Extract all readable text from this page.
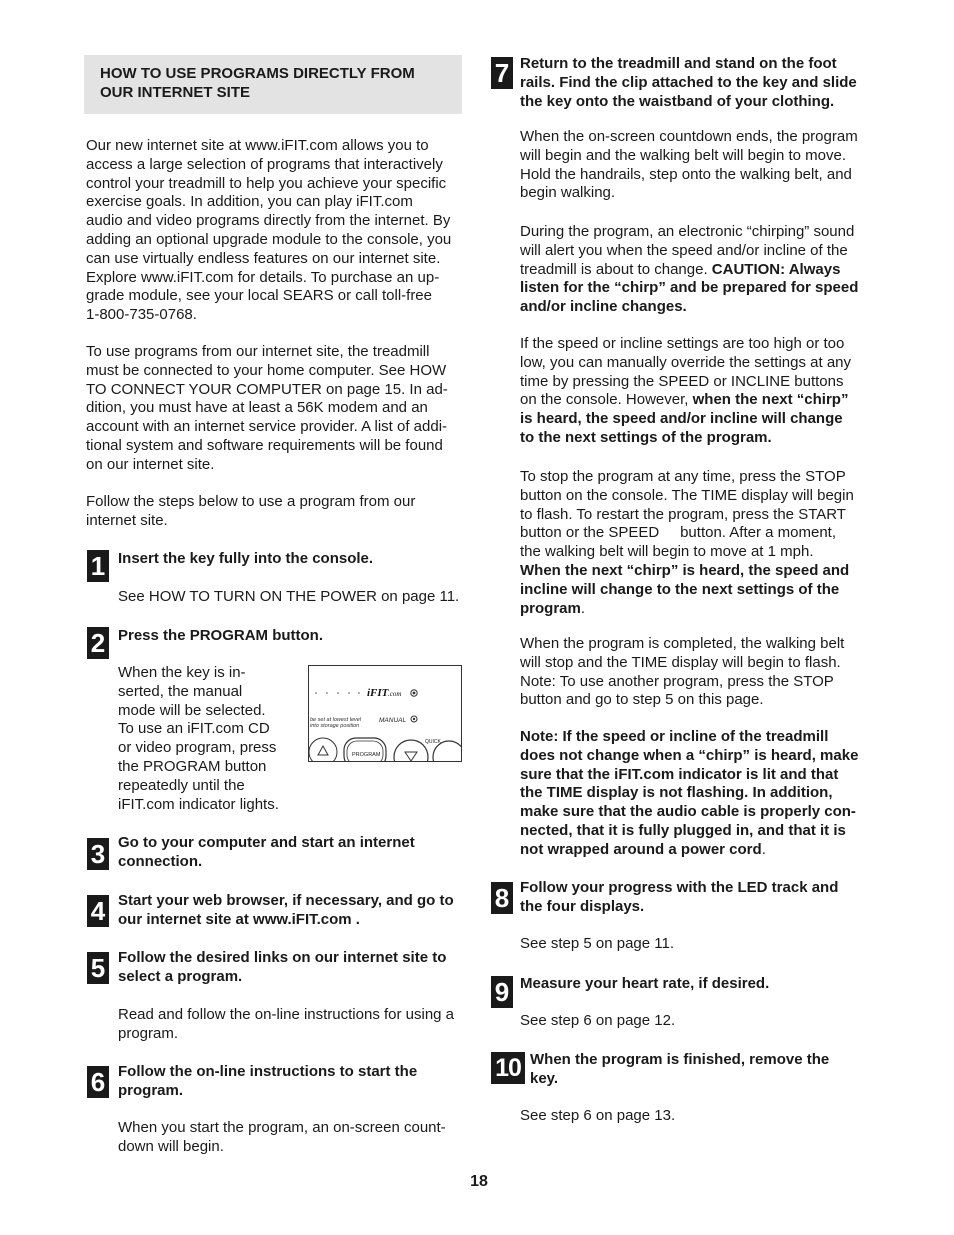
HOW TO USE PROGRAMS DIRECTLY FROM
OUR INTERNET SITE
Our new internet site at www.iFIT.com allows you to
access a large selection of programs that interactively
control your treadmill to help you achieve your specific
exercise goals. In addition, you can play iFIT.com
audio and video programs directly from the internet. By
adding an optional upgrade module to the console, you
can use virtually endless features on our internet site.
Explore www.iFIT.com for details. To purchase an up-
grade module, see your local SEARS or call toll-free
1-800-735-0768.
To use programs from our internet site, the treadmill
must be connected to your home computer. See HOW
TO CONNECT YOUR COMPUTER on page 15. In ad-
dition, you must have at least a 56K modem and an
account with an internet service provider. A list of addi-
tional system and software requirements will be found
on our internet site.
Follow the steps below to use a program from our
internet site.
1 Insert the key fully into the console.
See HOW TO TURN ON THE POWER on page 11.
2 Press the PROGRAM button.
When the key is in-
serted, the manual
mode will be selected.
To use an iFIT.com CD
or video program, press
the PROGRAM button
repeatedly until the
iFIT.com indicator lights.
iFIT .com
be set at lowest level
into storage position
MANUAL
PROGRAM
QUICK
3 Go to your computer and start an internet
connection.
4 Start your web browser, if necessary, and go to
our internet site at www.iFIT.com .
5 Follow the desired links on our internet site to
select a program.
Read and follow the on-line instructions for using a
program.
6 Follow the on-line instructions to start the
program.
When you start the program, an on-screen count-
down will begin.
7 Return to the treadmill and stand on the foot
rails. Find the clip attached to the key and slide
the key onto the waistband of your clothing.
When the on-screen countdown ends, the program
will begin and the walking belt will begin to move.
Hold the handrails, step onto the walking belt, and
begin walking.
During the program, an electronic “chirping” sound
will alert you when the speed and/or incline of the
treadmill is about to change. CAUTION: Always
listen for the “chirp” and be prepared for speed
and/or incline changes.
If the speed or incline settings are too high or too
low, you can manually override the settings at any
time by pressing the SPEED or INCLINE buttons
on the console. However, when the next “chirp”
is heard, the speed and/or incline will change
to the next settings of the program.
To stop the program at any time, press the STOP
button on the console. The TIME display will begin
to flash. To restart the program, press the START
button or the SPEED     button. After a moment,
the walking belt will begin to move at 1 mph.
When the next “chirp” is heard, the speed and
incline will change to the next settings of the
program.
When the program is completed, the walking belt
will stop and the TIME display will begin to flash.
Note: To use another program, press the STOP
button and go to step 5 on this page.
Note: If the speed or incline of the treadmill
does not change when a “chirp” is heard, make
sure that the iFIT.com indicator is lit and that
the TIME display is not flashing. In addition,
make sure that the audio cable is properly con-
nected, that it is fully plugged in, and that it is
not wrapped around a power cord.
8 Follow your progress with the LED track and
the four displays.
See step 5 on page 11.
9 Measure your heart rate, if desired.
See step 6 on page 12.
10 When the program is finished, remove the
key.
See step 6 on page 13.
18
